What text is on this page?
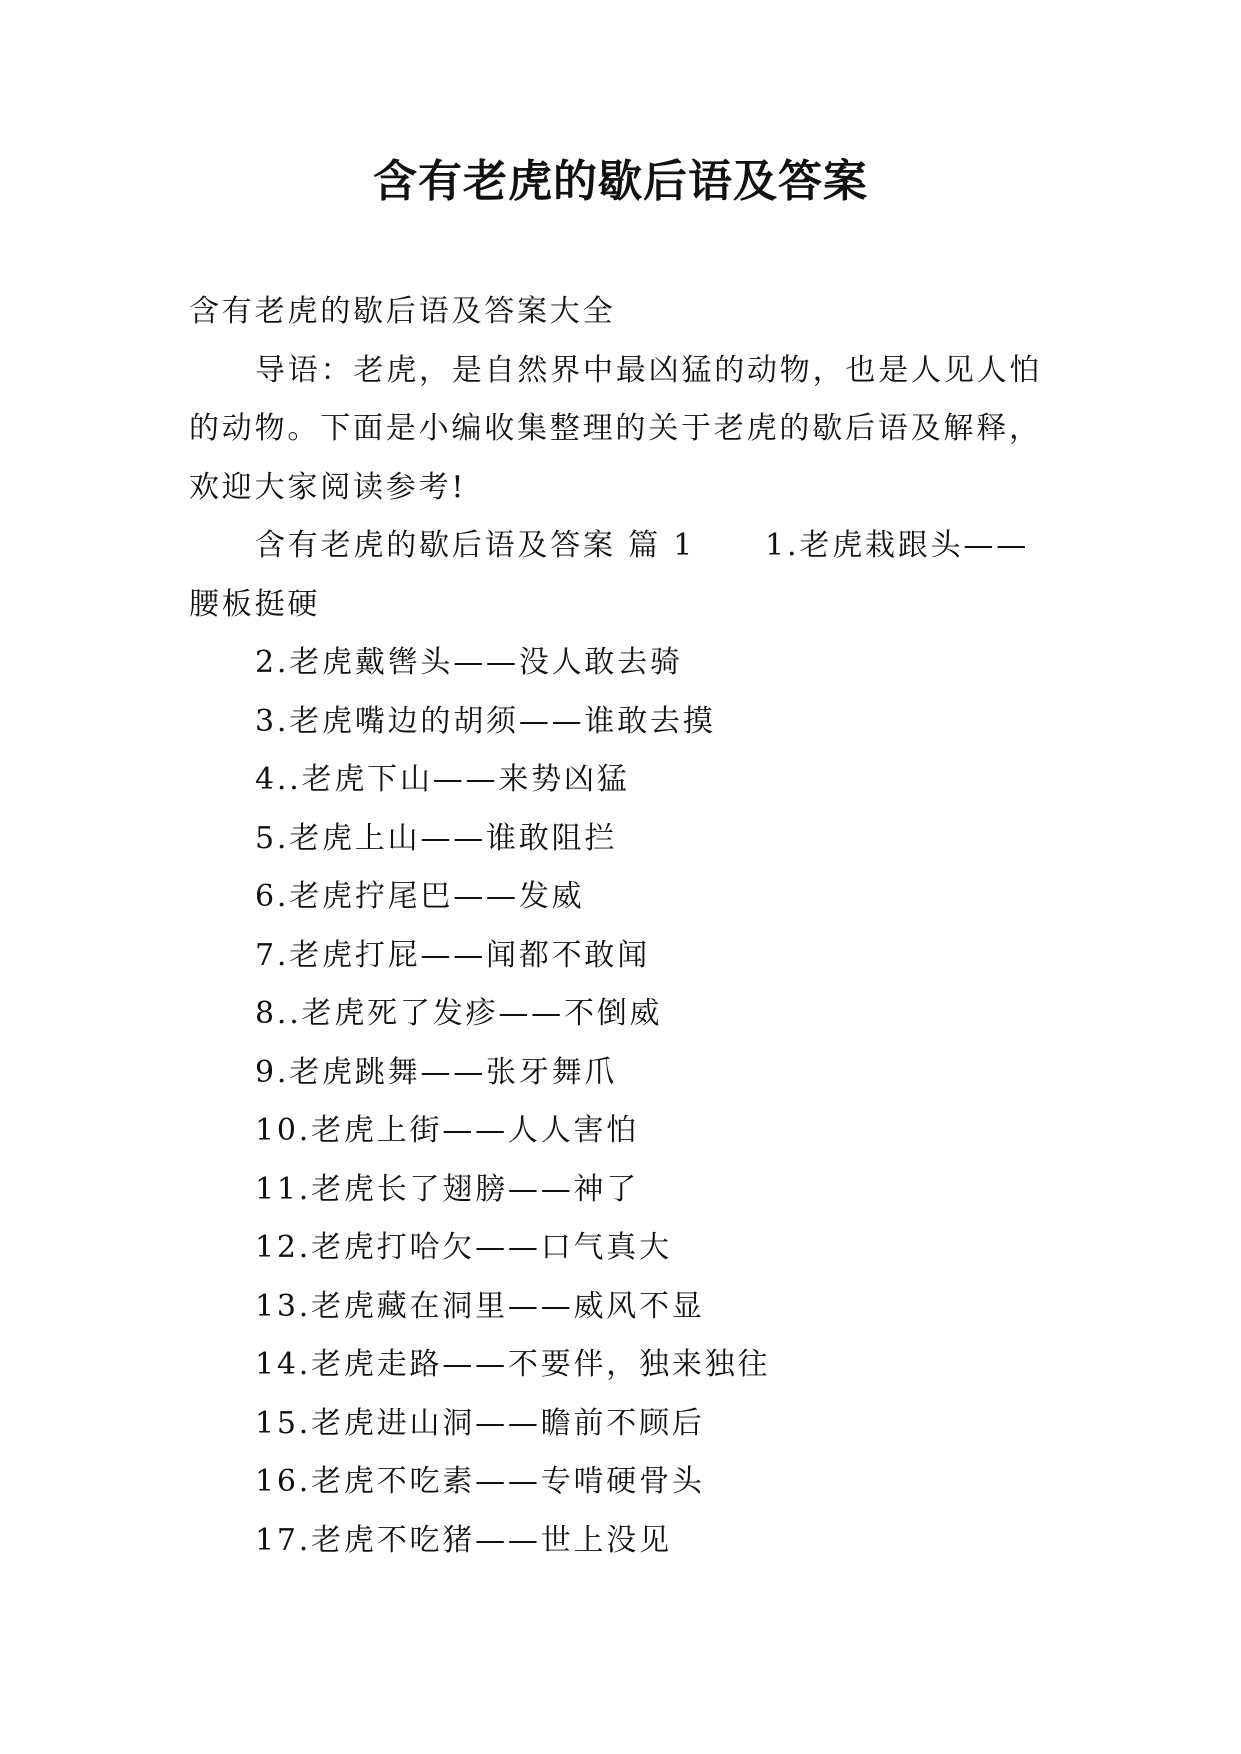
含有老虎的歇后语及答案

含有老虎的歇后语及答案大全

导语：老虎，是自然界中最凶猛的动物，也是人见人怕的动物。下面是小编收集整理的关于老虎的歇后语及解释，欢迎大家阅读参考!

含有老虎的歇后语及答案 篇 1 1.老虎栽跟头——腰板挺硬

2.老虎戴辔头——没人敢去骑
3.老虎嘴边的胡须——谁敢去摸
4..老虎下山——来势凶猛
5.老虎上山——谁敢阻拦
6.老虎拧尾巴——发威
7.老虎打屁——闻都不敢闻
8..老虎死了发疹——不倒威
9.老虎跳舞——张牙舞爪
10.老虎上街——人人害怕
11.老虎长了翅膀——神了
12.老虎打哈欠——口气真大
13.老虎藏在洞里——威风不显
14.老虎走路——不要伴，独来独往
15.老虎进山洞——瞻前不顾后
16.老虎不吃素——专啃硬骨头
17.老虎不吃猪——世上没见
